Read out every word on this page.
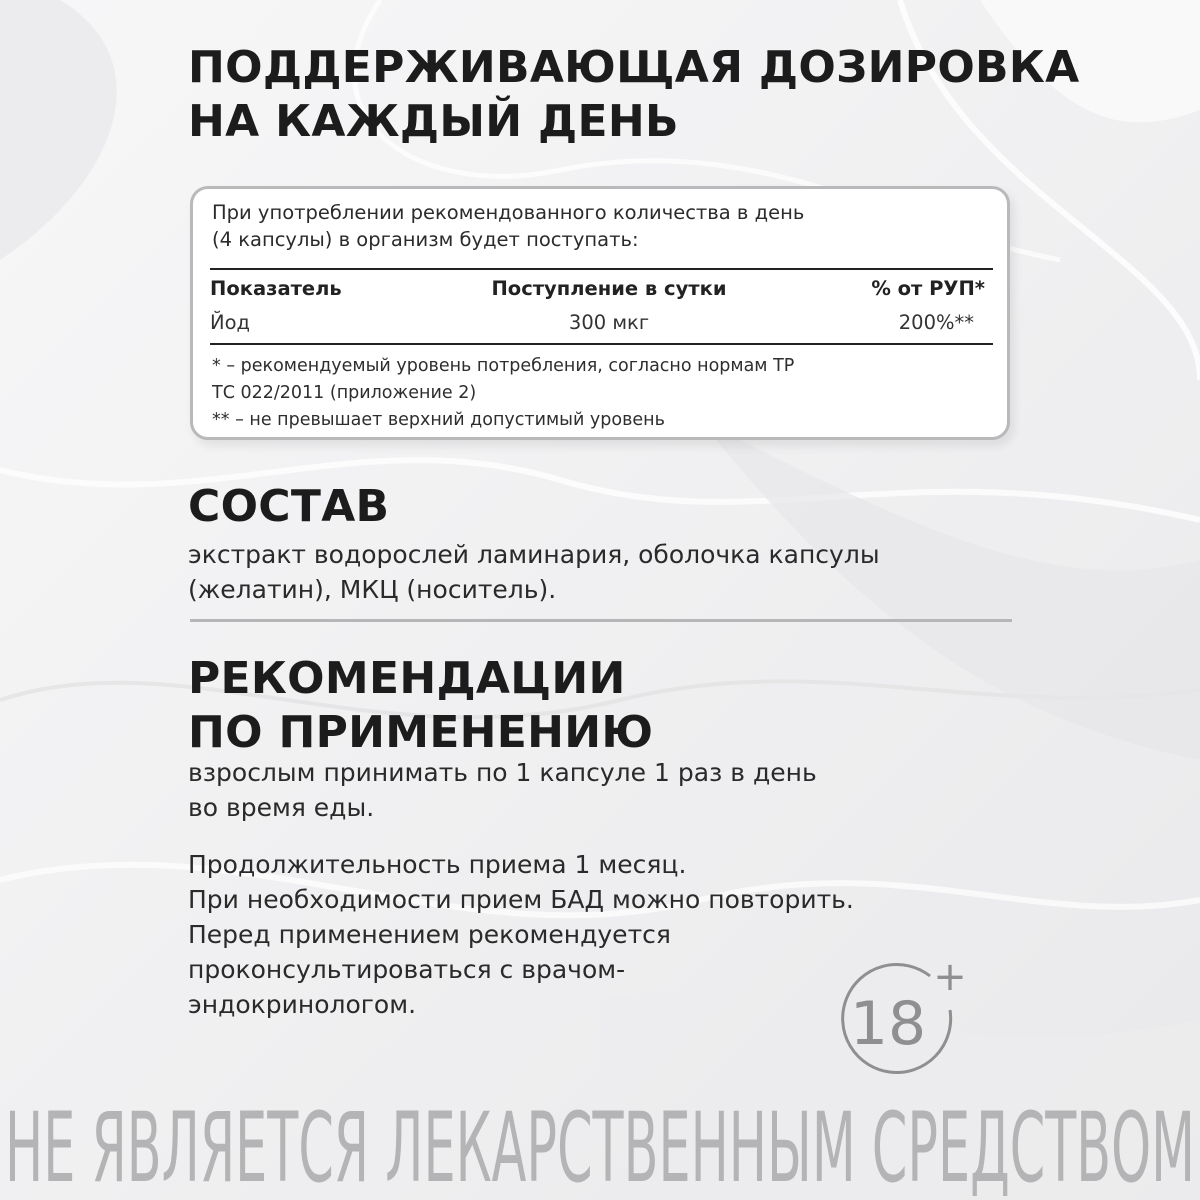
ПОДДЕРЖИВАЮЩАЯ ДОЗИРОВКА
НА КАЖДЫЙ ДЕНЬ
При употреблении рекомендованного количества в день
(4 капсулы) в организм будет поступать:
Показатель	Поступление в сутки	% от РУП*
Йод	300 мкг	200%**
* – рекомендуемый уровень потребления, согласно нормам ТР
ТС 022/2011 (приложение 2)
** – не превышает верхний допустимый уровень
СОСТАВ
экстракт водорослей ламинария, оболочка капсулы
(желатин), МКЦ (носитель).
РЕКОМЕНДАЦИИ
ПО ПРИМЕНЕНИЮ
взрослым принимать по 1 капсуле 1 раз в день
во время еды.
Продолжительность приема 1 месяц.
При необходимости прием БАД можно повторить.
Перед применением рекомендуется
проконсультироваться с врачом-
эндокринологом.	18
+
НЕ ЯВЛЯЕТСЯ ЛЕКАРСТВЕННЫМ СРЕДСТВОМ
